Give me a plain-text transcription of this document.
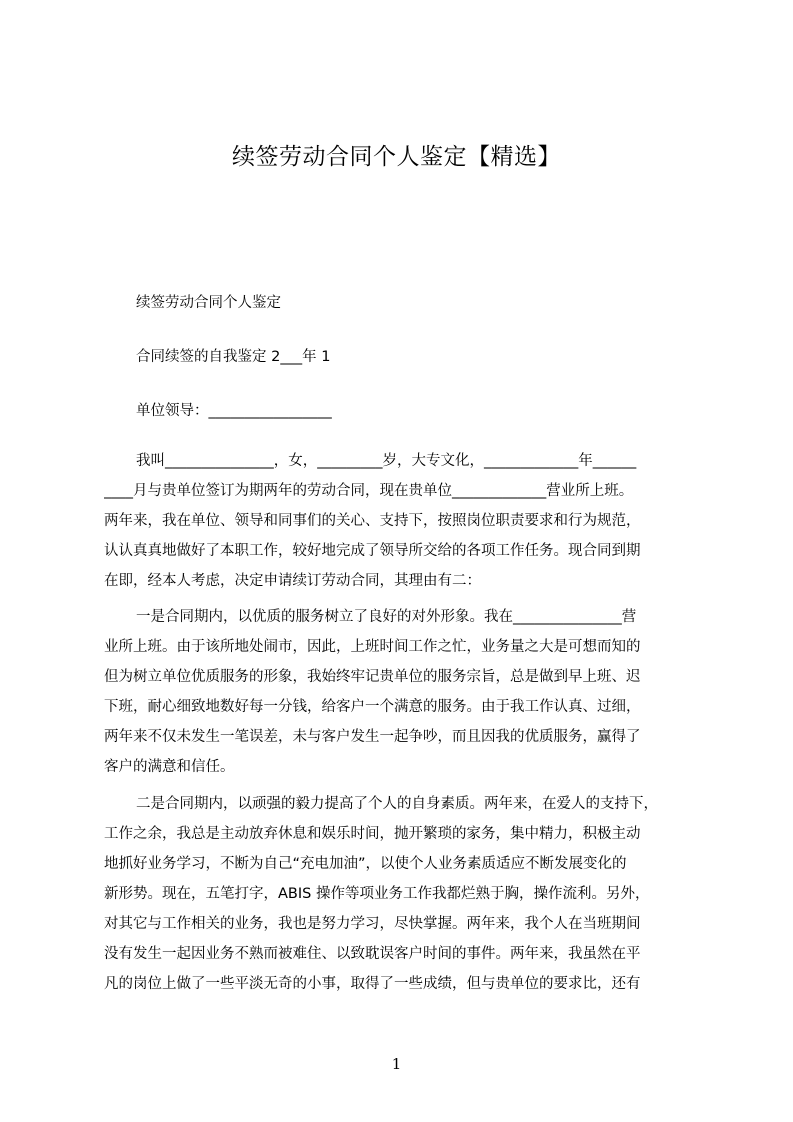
续签劳动合同个人鉴定【精选】
续签劳动合同个人鉴定
合同续签的自我鉴定 2___年 1
单位领导：_________________
我叫_______________，女，_________岁，大专文化，_____________年______
____月与贵单位签订为期两年的劳动合同，现在贵单位_____________营业所上班。
两年来，我在单位、领导和同事们的关心、支持下，按照岗位职责要求和行为规范，
认认真真地做好了本职工作，较好地完成了领导所交给的各项工作任务。现合同到期
在即，经本人考虑，决定申请续订劳动合同，其理由有二：
一是合同期内，以优质的服务树立了良好的对外形象。我在_______________营
业所上班。由于该所地处闹市，因此，上班时间工作之忙，业务量之大是可想而知的
但为树立单位优质服务的形象，我始终牢记贵单位的服务宗旨，总是做到早上班、迟
下班，耐心细致地数好每一分钱，给客户一个满意的服务。由于我工作认真、过细，
两年来不仅未发生一笔误差，未与客户发生一起争吵，而且因我的优质服务，赢得了
客户的满意和信任。
二是合同期内，以顽强的毅力提高了个人的自身素质。两年来，在爱人的支持下，
工作之余，我总是主动放弃休息和娱乐时间，抛开繁琐的家务，集中精力，积极主动
地抓好业务学习，不断为自己“充电加油”，以使个人业务素质适应不断发展变化的
新形势。现在，五笔打字，ABIS 操作等项业务工作我都烂熟于胸，操作流利。另外，
对其它与工作相关的业务，我也是努力学习，尽快掌握。两年来，我个人在当班期间
没有发生一起因业务不熟而被难住、以致耽误客户时间的事件。两年来，我虽然在平
凡的岗位上做了一些平淡无奇的小事，取得了一些成绩，但与贵单位的要求比，还有
1
